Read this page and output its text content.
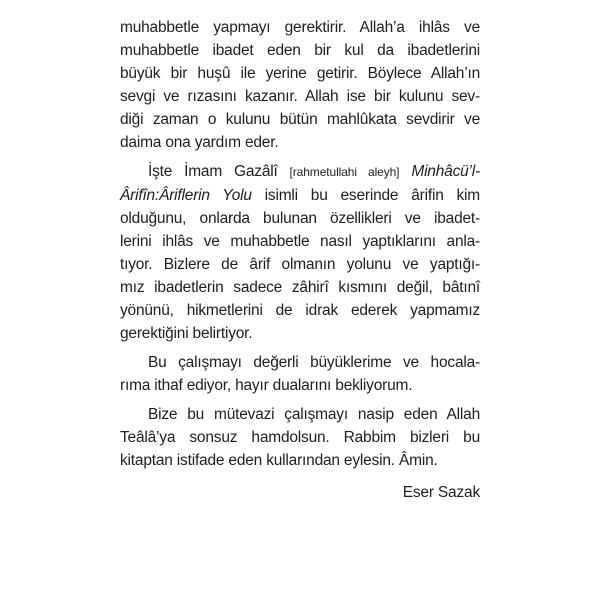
muhabbetle yapmayı gerektirir. Allah’a ihlâs ve
muhabbetle ibadet eden bir kul da ibadetlerini
büyük bir huşû ile yerine getirir. Böylece Allah’ın
sevgi ve rızasını kazanır. Allah ise bir kulunu sev-
diği zaman o kulunu bütün mahlûkata sevdirir ve
daima ona yardım eder.
İşte İmam Gazâlî [rahmetullahi aleyh] Minhâcü’l-
Ârifîn:Âriflerin Yolu isimli bu eserinde ârifin kim
olduğunu, onlarda bulunan özellikleri ve ibadet-
lerini ihlâs ve muhabbetle nasıl yaptıklarını anla-
tıyor. Bizlere de ârif olmanın yolunu ve yaptığı-
mız ibadetlerin sadece zâhirî kısmını değil, bâtınî
yönünü, hikmetlerini de idrak ederek yapmamız
gerektiğini belirtiyor.
Bu çalışmayı değerli büyüklerime ve hocala-
rıma ithaf ediyor, hayır dualarını bekliyorum.
Bize bu mütevazi çalışmayı nasip eden Allah
Teâlâ’ya sonsuz hamdolsun. Rabbim bizleri bu
kitaptan istifade eden kullarından eylesin. Âmin.
Eser Sazak
